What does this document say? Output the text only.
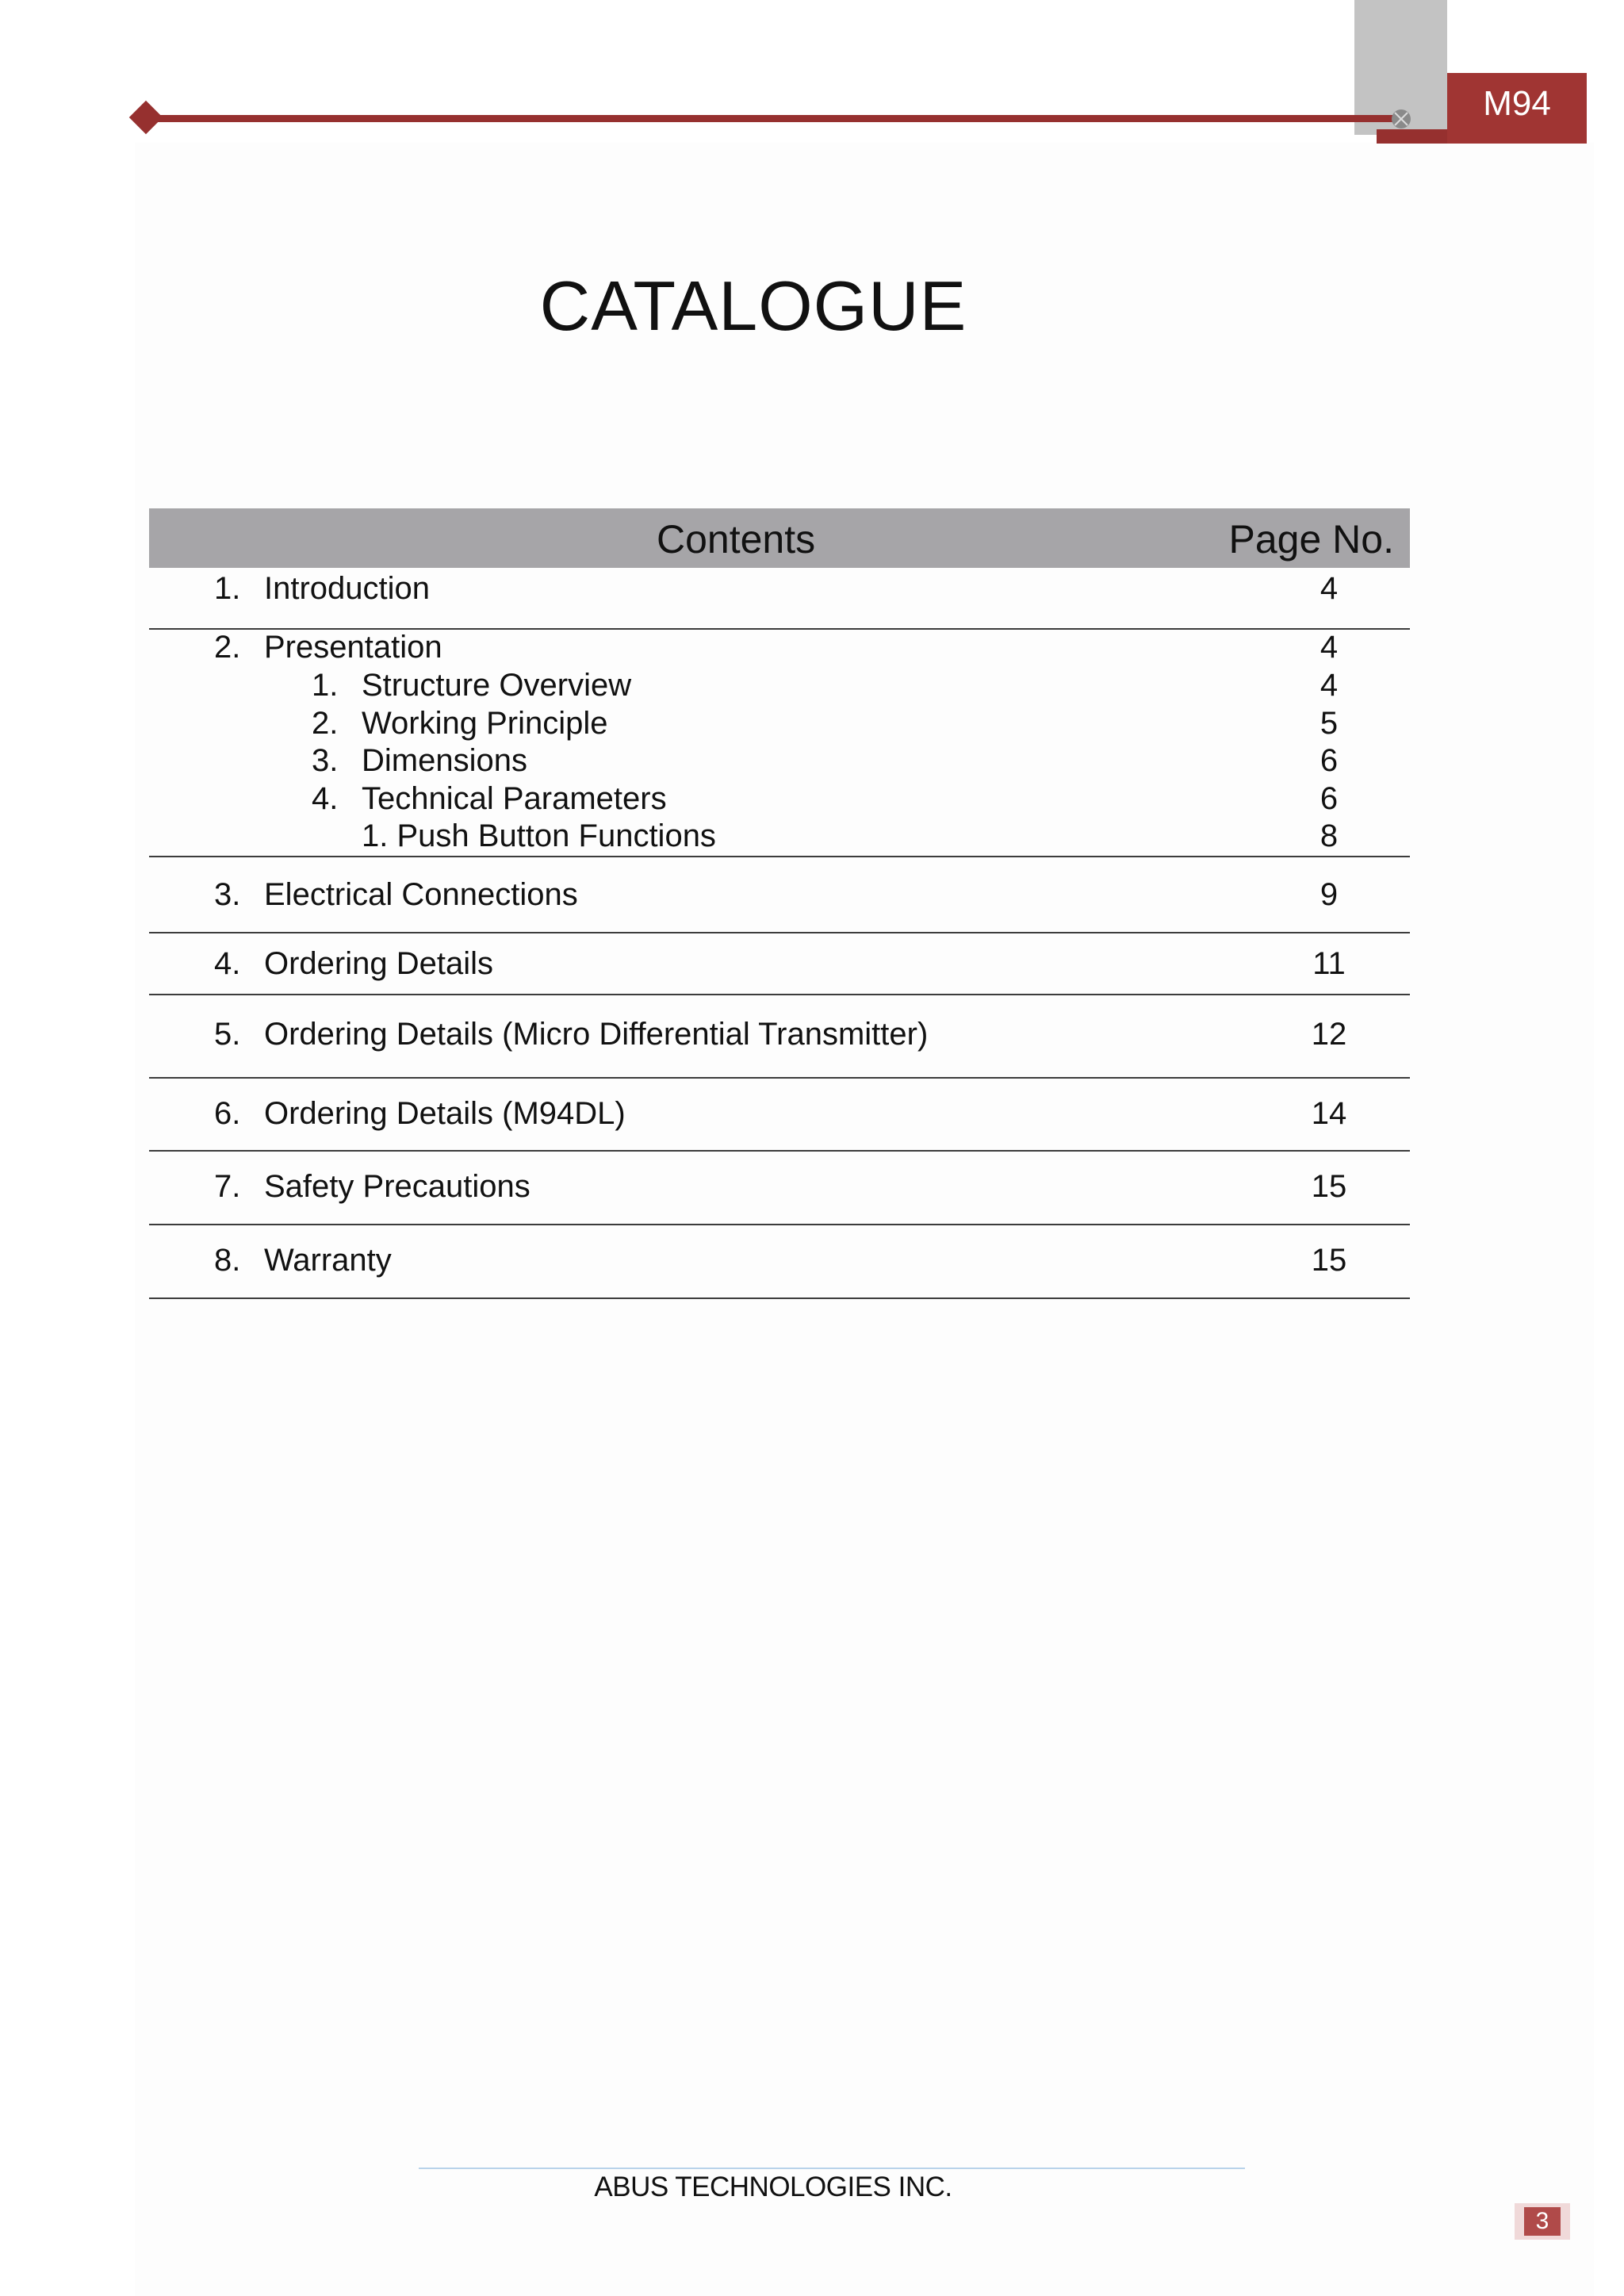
M94
CATALOGUE
Contents	Page No.
1. Introduction	4
2. Presentation	4
1. Structure Overview	4
2. Working Principle	5
3. Dimensions	6
4. Technical Parameters	6
1. Push Button Functions	8
3. Electrical Connections	9
4. Ordering Details	11
5. Ordering Details (Micro Differential Transmitter)	12
6. Ordering Details (M94DL)	14
7. Safety Precautions	15
8. Warranty	15
ABUS TECHNOLOGIES INC.
3
